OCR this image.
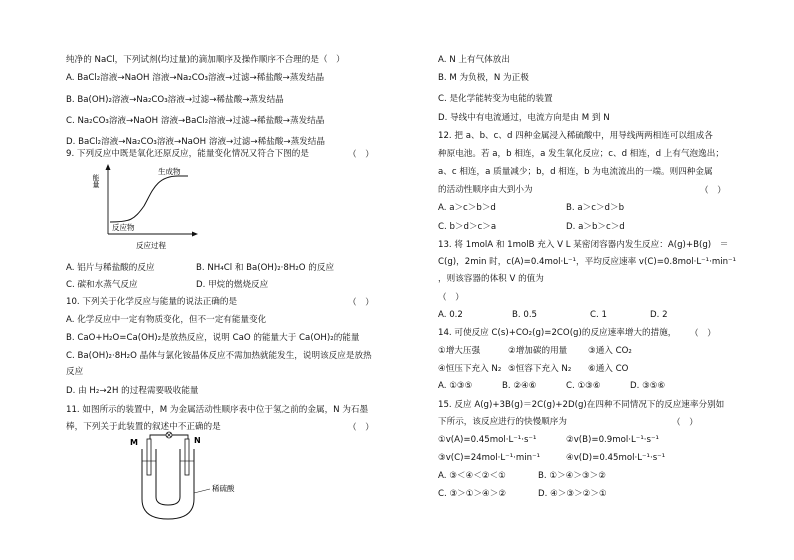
纯净的 NaCl，下列试剂(均过量)的滴加顺序及操作顺序不合理的是（　）
A. BaCl₂溶液→NaOH 溶液→Na₂CO₃溶液→过滤→稀盐酸→蒸发结晶
B. Ba(OH)₂溶液→Na₂CO₃溶液→过滤→稀盐酸→蒸发结晶
C. Na₂CO₃溶液→NaOH 溶液→BaCl₂溶液→过滤→稀盐酸→蒸发结晶
D. BaCl₂溶液→Na₂CO₃溶液→NaOH 溶液→过滤→稀盐酸→蒸发结晶
9. 下列反应中既是氧化还原反应，能量变化情况又符合下图的是	（　）
能量
生成物
反应物
反应过程
A. 铝片与稀盐酸的反应	B. NH₄Cl 和 Ba(OH)₂·8H₂O 的反应
C. 碳和水蒸气反应	D. 甲烷的燃烧反应
10. 下列关于化学反应与能量的说法正确的是	（　）
A. 化学反应中一定有物质变化，但不一定有能量变化
B. CaO+H₂O=Ca(OH)₂是放热反应，说明 CaO 的能量大于 Ca(OH)₂的能量
C. Ba(OH)₂·8H₂O 晶体与氯化铵晶体反应不需加热就能发生，说明该反应是放热
反应
D. 由 H₂→2H 的过程需要吸收能量
11. 如图所示的装置中，M 为金属活动性顺序表中位于氢之前的金属，N 为石墨
棒，下列关于此装置的叙述中不正确的是	（　）
M	N
稀硫酸
A. N 上有气体放出
B. M 为负极，N 为正极
C. 是化学能转变为电能的装置
D. 导线中有电流通过，电流方向是由 M 到 N
12. 把 a、b、c、d 四种金属浸入稀硫酸中，用导线两两相连可以组成各
种原电池。若 a，b 相连，a 发生氧化反应；c、d 相连，d 上有气泡逸出；
a、c 相连，a 质量减少；b，d 相连，b 为电流流出的一端。则四种金属
的活动性顺序由大到小为	（　）
A. a＞c＞b＞d	B. a＞c＞d＞b
C. b＞d＞c＞a	D. a＞b＞c＞d
13. 将 1molA 和 1molB 充入 V L 某密闭容器内发生反应：A(g)+B(g)　＝
C(g)，2min 时，c(A)=0.4mol·L⁻¹，平均反应速率 v(C)=0.8mol·L⁻¹·min⁻¹
，则该容器的体积 V 的值为
（　）
A. 0.2	B. 0.5	C. 1	D. 2
14. 可使反应 C(s)+CO₂(g)=2CO(g)的反应速率增大的措施， （　）
①增大压强	②增加碳的用量 ③通入 CO₂
④恒压下充入 N₂ ⑤恒容下充入 N₂ ⑥通入 CO
A. ①③⑤	B. ②④⑥	C. ①③⑥	D. ③⑤⑥
15. 反应 A(g)+3B(g)＝2C(g)+2D(g)在四种不同情况下的反应速率分别如
下所示，该反应进行的快慢顺序为	（　）
①v(A)=0.45mol·L⁻¹·s⁻¹	②v(B)=0.9mol·L⁻¹·s⁻¹
③v(C)=24mol·L⁻¹·min⁻¹	④v(D)=0.45mol·L⁻¹·s⁻¹
A. ③＜④＜②＜①	B. ①＞④＞③＞②
C. ③＞①＞④＞②	D. ④＞③＞②＞①
